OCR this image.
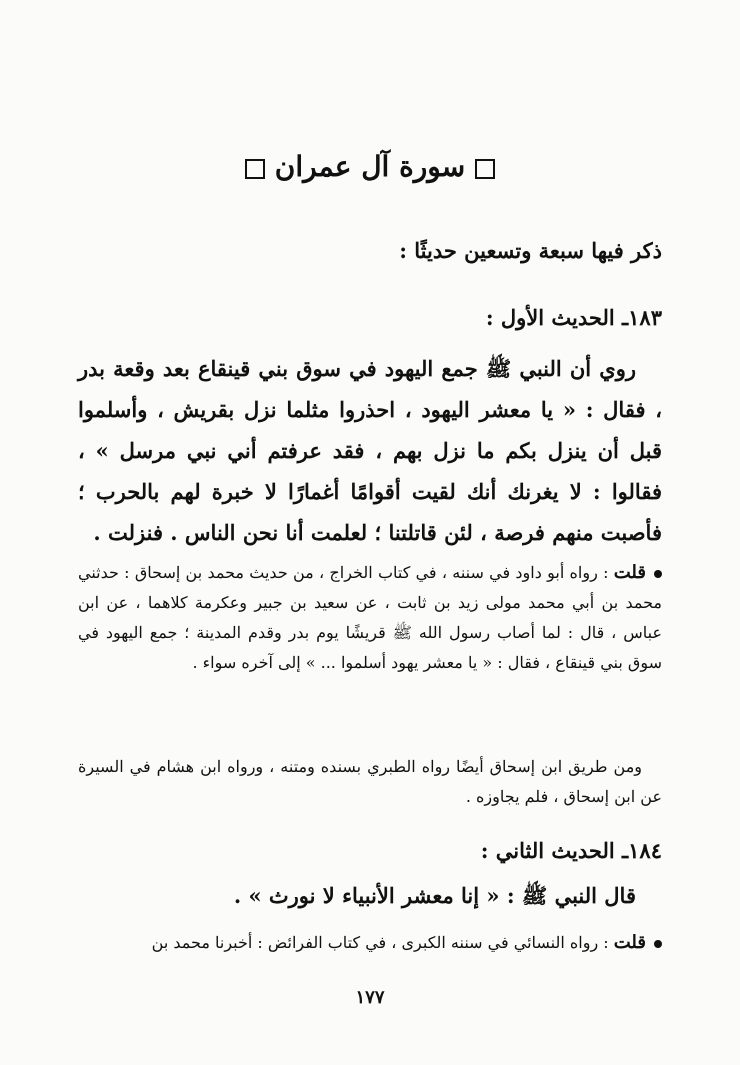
سورة آل عمران
ذكر فيها سبعة وتسعين حديثًا :
١٨٣ـ الحديث الأول :
روي أن النبي ﷺ جمع اليهود في سوق بني قينقاع بعد وقعة بدر ، فقال : « يا معشر اليهود ، احذروا مثلما نزل بقريش ، وأسلموا قبل أن ينزل بكم ما نزل بهم ، فقد عرفتم أني نبي مرسل » ، فقالوا : لا يغرنك أنك لقيت أقوامًا أغمارًا لا خبرة لهم بالحرب ؛ فأصبت منهم فرصة ، لئن قاتلتنا ؛ لعلمت أنا نحن الناس . فنزلت .
قلت : رواه أبو داود في سننه ، في كتاب الخراج ، من حديث محمد بن إسحاق : حدثني محمد بن أبي محمد مولى زيد بن ثابت ، عن سعيد بن جبير وعكرمة كلاهما ، عن ابن عباس ، قال : لما أصاب رسول الله ﷺ قريشًا يوم بدر وقدم المدينة ؛ جمع اليهود في سوق بني قينقاع ، فقال : « يا معشر يهود أسلموا ... » إلى آخره سواء .
ومن طريق ابن إسحاق أيضًا رواه الطبري بسنده ومتنه ، ورواه ابن هشام في السيرة عن ابن إسحاق ، فلم يجاوزه .
١٨٤ـ الحديث الثاني :
قال النبي ﷺ : « إنا معشر الأنبياء لا نورث » .
قلت : رواه النسائي في سننه الكبرى ، في كتاب الفرائض : أخبرنا محمد بن
١٧٧
